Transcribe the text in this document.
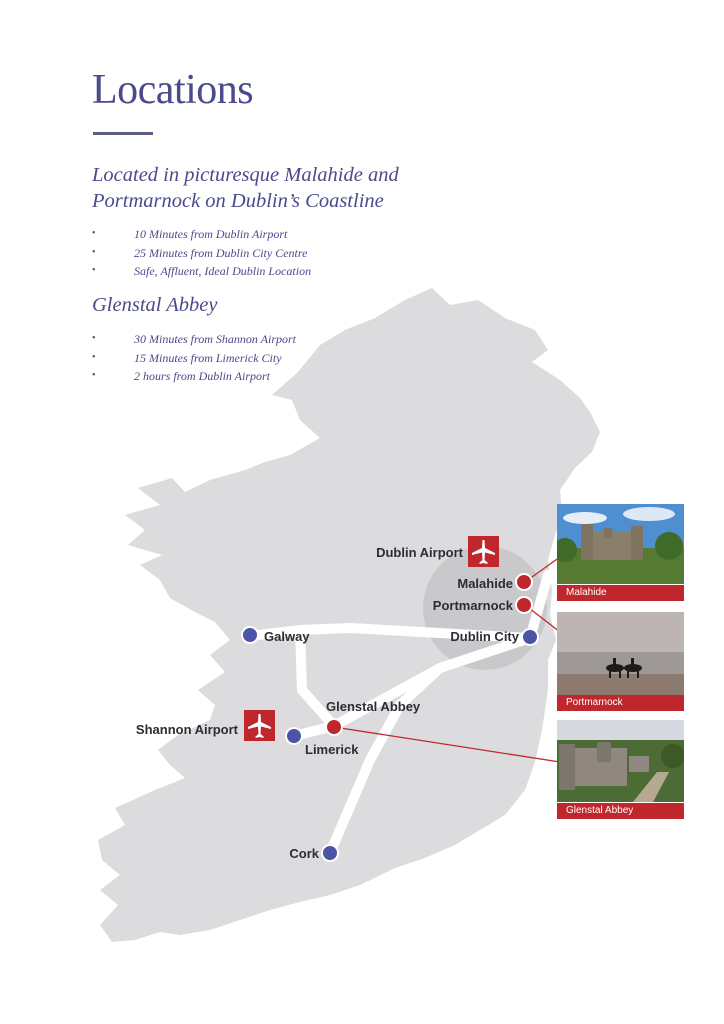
Dublin Airport
Malahide
Portmarnock
Galway	Dublin City
Glenstal Abbey
Shannon Airport
Limerick
Cork
Locations
Located in picturesque Malahide and
Portmarnock on Dublin’s Coastline
• 10 Minutes from Dublin Airport
• 25 Minutes from Dublin City Centre
• Safe, Affluent, Ideal Dublin Location
Glenstal Abbey
• 30 Minutes from Shannon Airport
• 15 Minutes from Limerick City
• 2 hours from Dublin Airport
Malahide
Portmarnock
Glenstal Abbey
